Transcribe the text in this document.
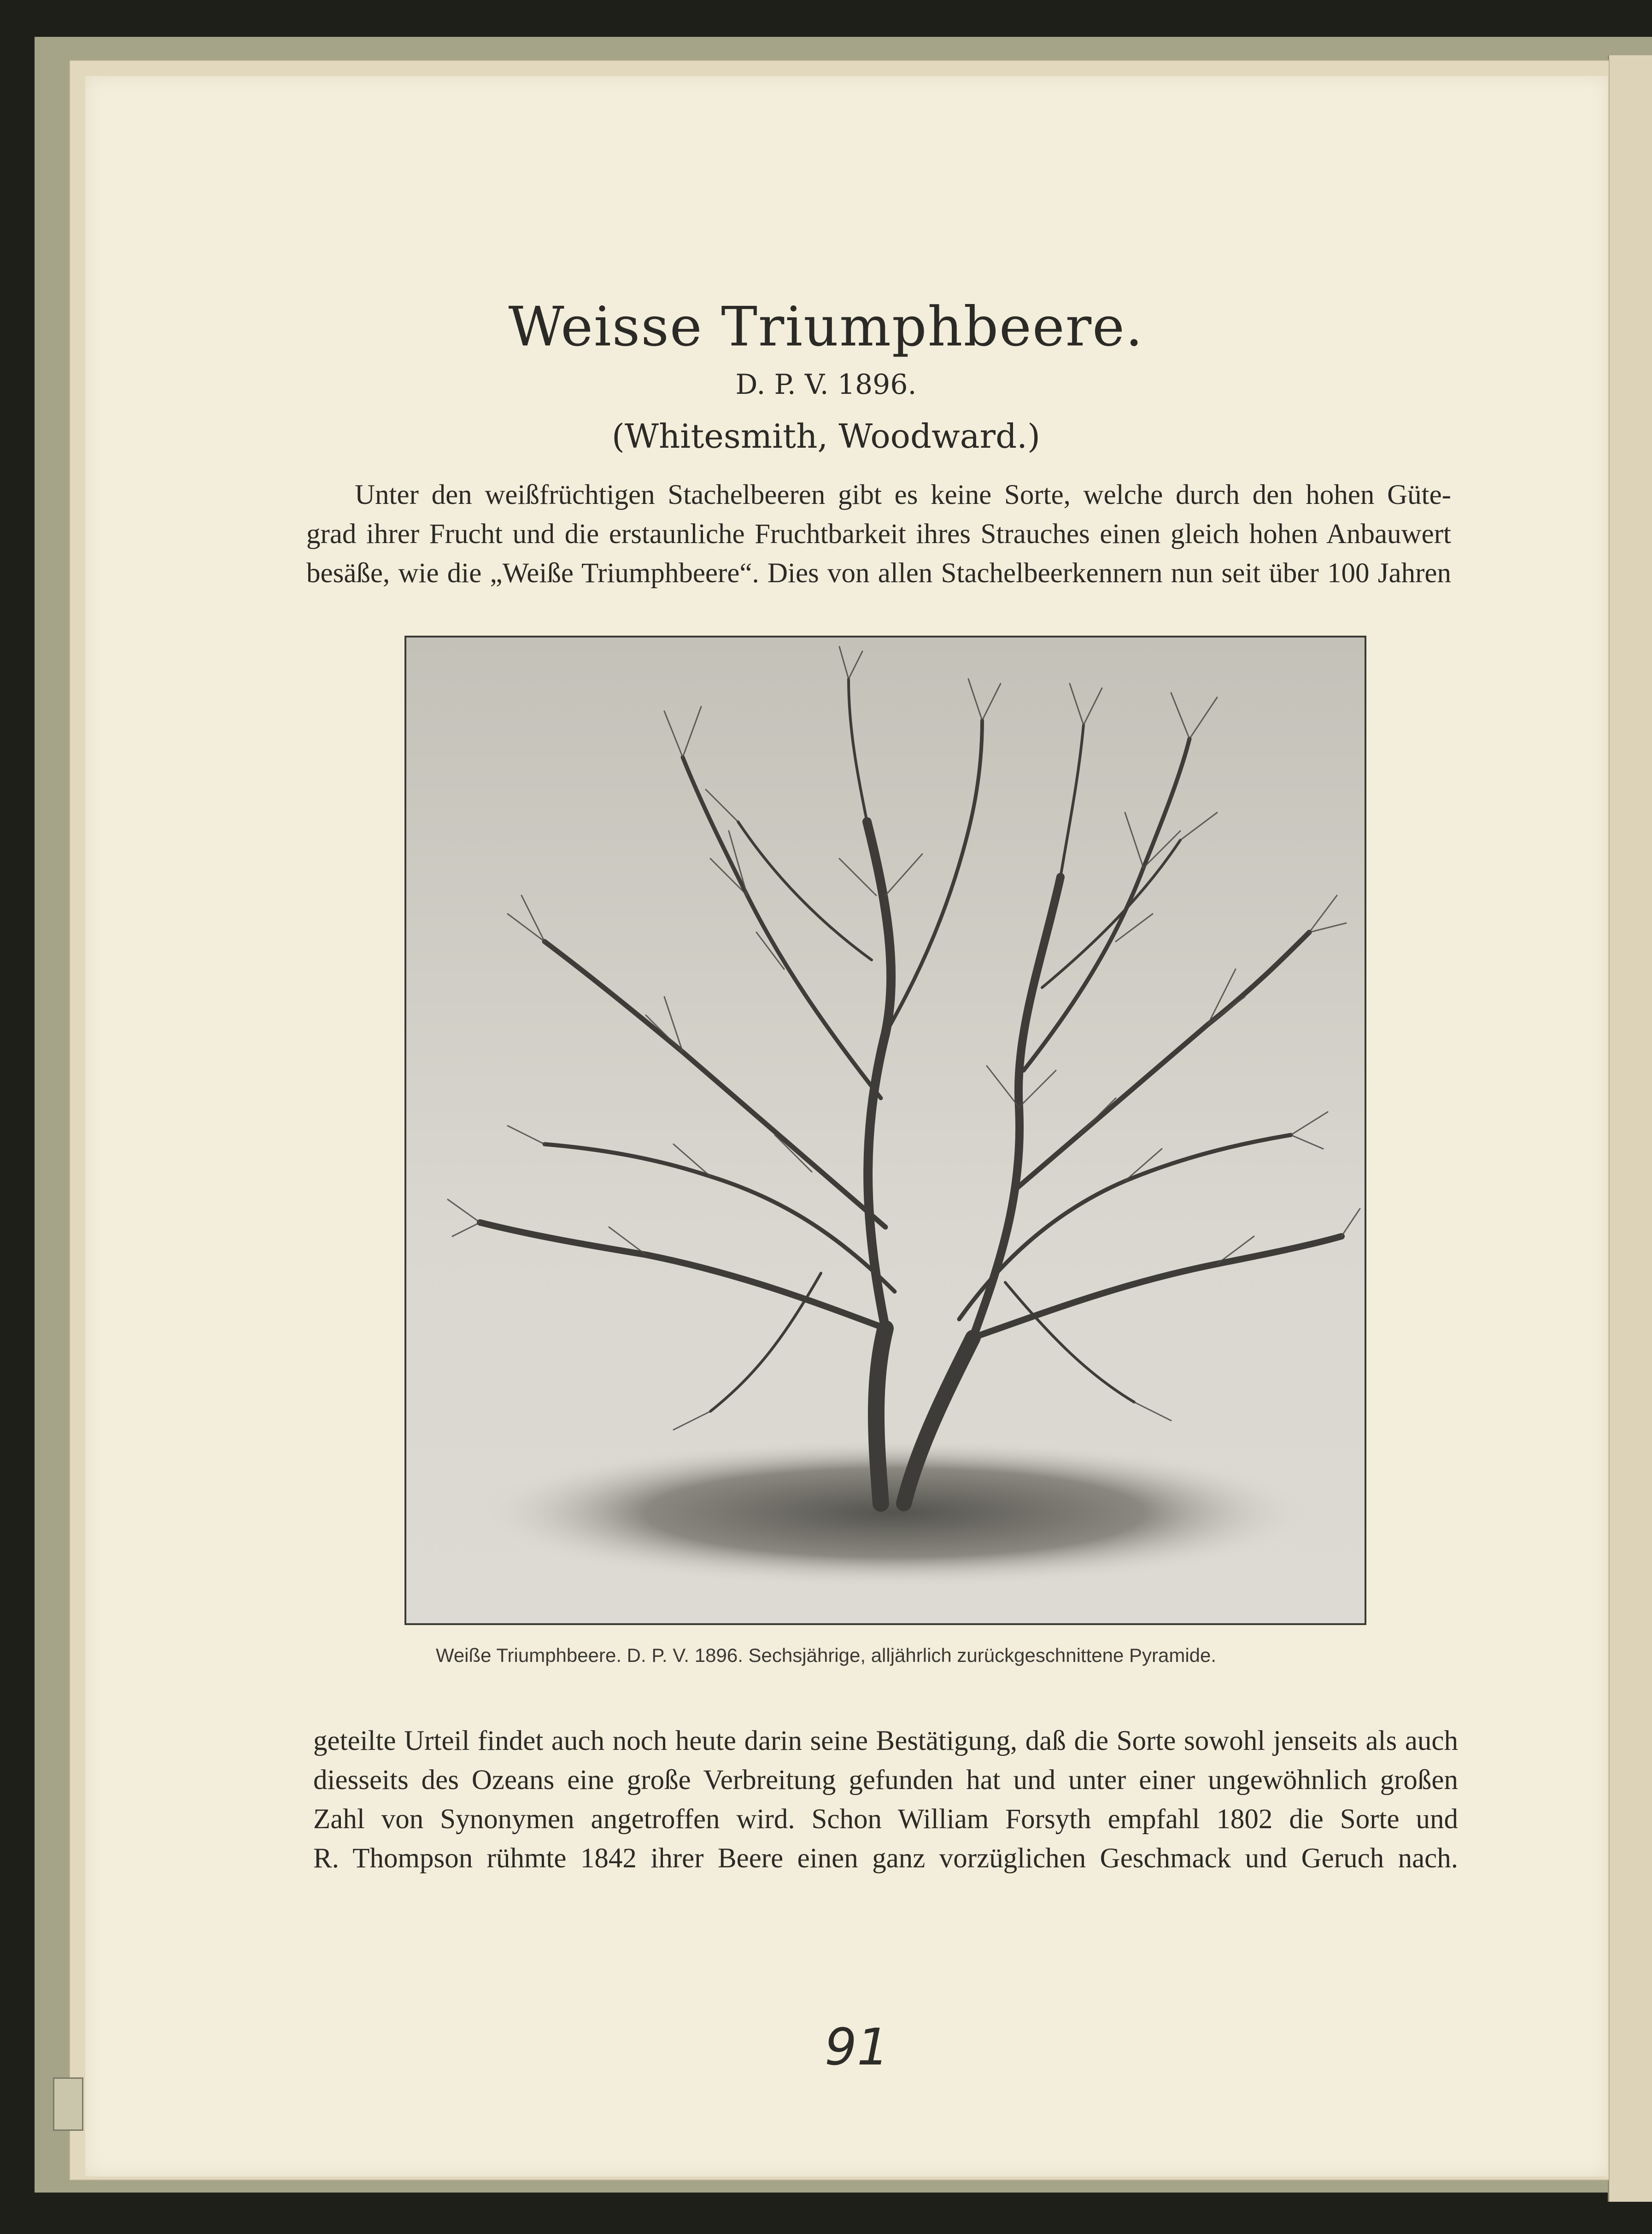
Weisse Triumphbeere.
D. P. V. 1896.
(Whitesmith, Woodward.)
Unter den weißfrüchtigen Stachelbeeren gibt es keine Sorte, welche durch den hohen Güte-
grad ihrer Frucht und die erstaunliche Fruchtbarkeit ihres Strauches einen gleich hohen Anbauwert
besäße, wie die „Weiße Triumphbeere“. Dies von allen Stachelbeerkennern nun seit über 100 Jahren
Weiße Triumphbeere. D. P. V. 1896. Sechsjährige, alljährlich zurückgeschnittene Pyramide.
geteilte Urteil findet auch noch heute darin seine Bestätigung, daß die Sorte sowohl jenseits als auch
diesseits des Ozeans eine große Verbreitung gefunden hat und unter einer ungewöhnlich großen
Zahl von Synonymen angetroffen wird. Schon William Forsyth empfahl 1802 die Sorte und
R. Thompson rühmte 1842 ihrer Beere einen ganz vorzüglichen Geschmack und Geruch nach.
91
